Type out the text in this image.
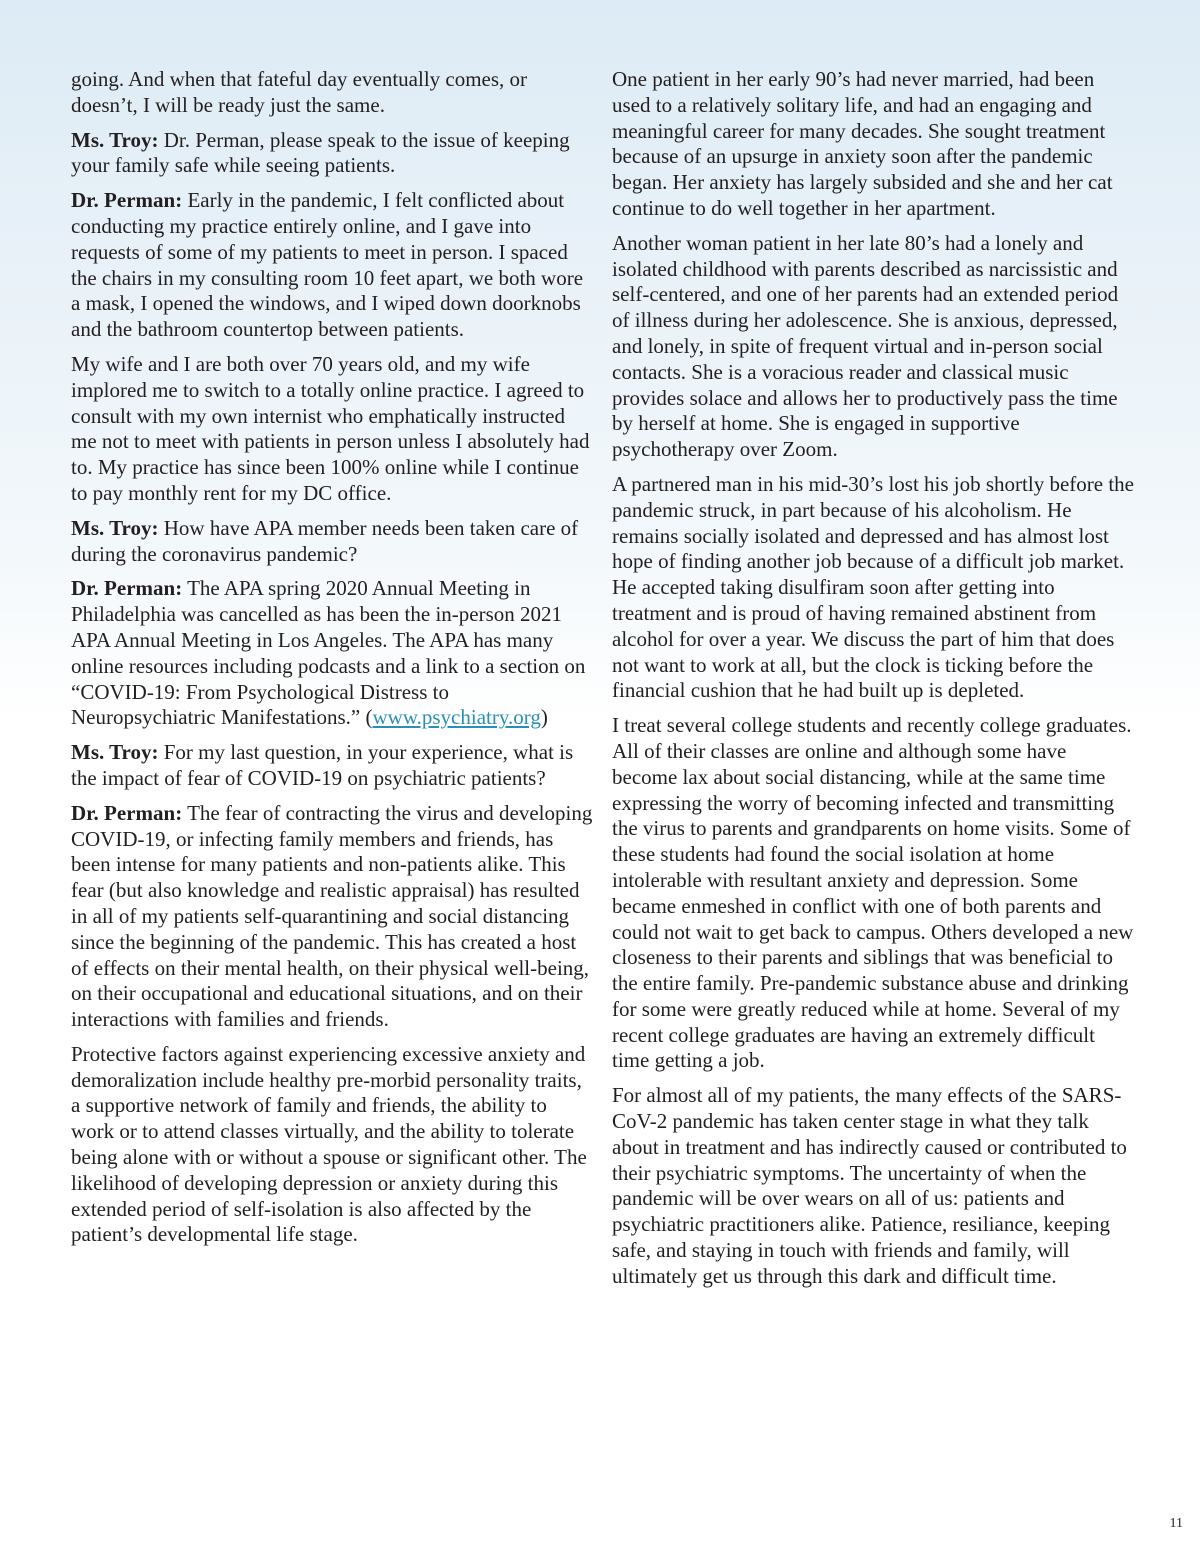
going. And when that fateful day eventually comes, or doesn’t, I will be ready just the same.

Ms. Troy: Dr. Perman, please speak to the issue of keeping your family safe while seeing patients.

Dr. Perman: Early in the pandemic, I felt conflicted about conducting my practice entirely online, and I gave into requests of some of my patients to meet in person. I spaced the chairs in my consulting room 10 feet apart, we both wore a mask, I opened the windows, and I wiped down doorknobs and the bathroom countertop between patients.

My wife and I are both over 70 years old, and my wife implored me to switch to a totally online practice. I agreed to consult with my own internist who emphatically instructed me not to meet with patients in person unless I absolutely had to. My practice has since been 100% online while I continue to pay monthly rent for my DC office.

Ms. Troy: How have APA member needs been taken care of during the coronavirus pandemic?

Dr. Perman: The APA spring 2020 Annual Meeting in Philadelphia was cancelled as has been the in-person 2021 APA Annual Meeting in Los Angeles. The APA has many online resources including podcasts and a link to a section on “COVID-19: From Psychological Distress to Neuropsychiatric Manifestations.” (www.psychiatry.org)

Ms. Troy: For my last question, in your experience, what is the impact of fear of COVID-19 on psychiatric patients?

Dr. Perman: The fear of contracting the virus and developing COVID-19, or infecting family members and friends, has been intense for many patients and non-patients alike. This fear (but also knowledge and realistic appraisal) has resulted in all of my patients self-quarantining and social distancing since the beginning of the pandemic. This has created a host of effects on their mental health, on their physical well-being, on their occupational and educational situations, and on their interactions with families and friends.

Protective factors against experiencing excessive anxiety and demoralization include healthy pre-morbid personality traits, a supportive network of family and friends, the ability to work or to attend classes virtually, and the ability to tolerate being alone with or without a spouse or significant other. The likelihood of developing depression or anxiety during this extended period of self-isolation is also affected by the patient’s developmental life stage.

One patient in her early 90’s had never married, had been used to a relatively solitary life, and had an engaging and meaningful career for many decades. She sought treatment because of an upsurge in anxiety soon after the pandemic began. Her anxiety has largely subsided and she and her cat continue to do well together in her apartment.

Another woman patient in her late 80’s had a lonely and isolated childhood with parents described as narcissistic and self-centered, and one of her parents had an extended period of illness during her adolescence. She is anxious, depressed, and lonely, in spite of frequent virtual and in-person social contacts. She is a voracious reader and classical music provides solace and allows her to productively pass the time by herself at home. She is engaged in supportive psychotherapy over Zoom.

A partnered man in his mid-30’s lost his job shortly before the pandemic struck, in part because of his alcoholism. He remains socially isolated and depressed and has almost lost hope of finding another job because of a difficult job market. He accepted taking disulfiram soon after getting into treatment and is proud of having remained abstinent from alcohol for over a year. We discuss the part of him that does not want to work at all, but the clock is ticking before the financial cushion that he had built up is depleted.

I treat several college students and recently college graduates. All of their classes are online and although some have become lax about social distancing, while at the same time expressing the worry of becoming infected and transmitting the virus to parents and grandparents on home visits. Some of these students had found the social isolation at home intolerable with resultant anxiety and depression. Some became enmeshed in conflict with one of both parents and could not wait to get back to campus. Others developed a new closeness to their parents and siblings that was beneficial to the entire family. Pre-pandemic substance abuse and drinking for some were greatly reduced while at home. Several of my recent college graduates are having an extremely difficult time getting a job.

For almost all of my patients, the many effects of the SARS-CoV-2 pandemic has taken center stage in what they talk about in treatment and has indirectly caused or contributed to their psychiatric symptoms. The uncertainty of when the pandemic will be over wears on all of us: patients and psychiatric practitioners alike. Patience, resiliance, keeping safe, and staying in touch with friends and family, will ultimately get us through this dark and difficult time.

11
